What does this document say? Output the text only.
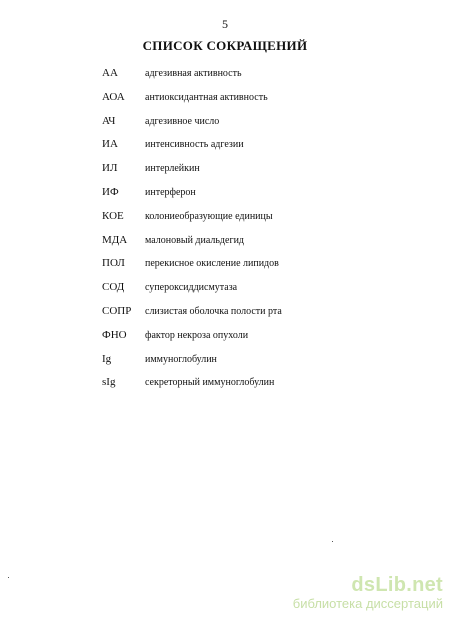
5
СПИСОК СОКРАЩЕНИЙ
АА	адгезивная активность
АОА антиоксидантная активность
АЧ	адгезивное число
ИА	интенсивность адгезии
ИЛ	интерлейкин
ИФ	интерферон
КОЕ колониеобразующие единицы
МДА малоновый диальдегид
ПОЛ перекисное окисление липидов
СОД супероксиддисмутаза
СОПР слизистая оболочка полости рта
ФНО фактор некроза опухоли
Ig	иммуноглобулин
sIg	секреторный иммуноглобулин
dsLib.net
библиотека диссертаций
